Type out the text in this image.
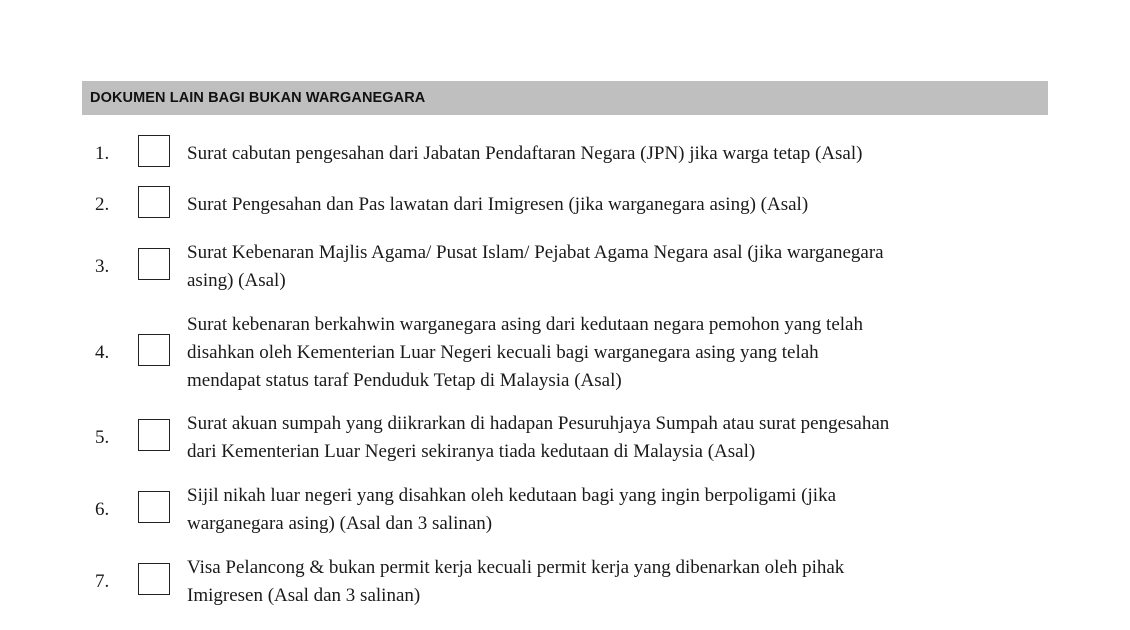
DOKUMEN LAIN BAGI BUKAN WARGANEGARA
1.	Surat cabutan pengesahan dari Jabatan Pendaftaran Negara (JPN) jika warga tetap (Asal)
2.	Surat Pengesahan dan Pas lawatan dari Imigresen (jika warganegara asing) (Asal)
3.
Surat Kebenaran Majlis Agama/ Pusat Islam/ Pejabat Agama Negara asal (jika warganegara
asing) (Asal)
4.
Surat kebenaran berkahwin warganegara asing dari kedutaan negara pemohon yang telah
disahkan oleh Kementerian Luar Negeri kecuali bagi warganegara asing yang telah
mendapat status taraf Penduduk Tetap di Malaysia (Asal)
5.
Surat akuan sumpah yang diikrarkan di hadapan Pesuruhjaya Sumpah atau surat pengesahan
dari Kementerian Luar Negeri sekiranya tiada kedutaan di Malaysia (Asal)
6.
Sijil nikah luar negeri yang disahkan oleh kedutaan bagi yang ingin berpoligami (jika
warganegara asing) (Asal dan 3 salinan)
7.
Visa Pelancong & bukan permit kerja kecuali permit kerja yang dibenarkan oleh pihak
Imigresen (Asal dan 3 salinan)
